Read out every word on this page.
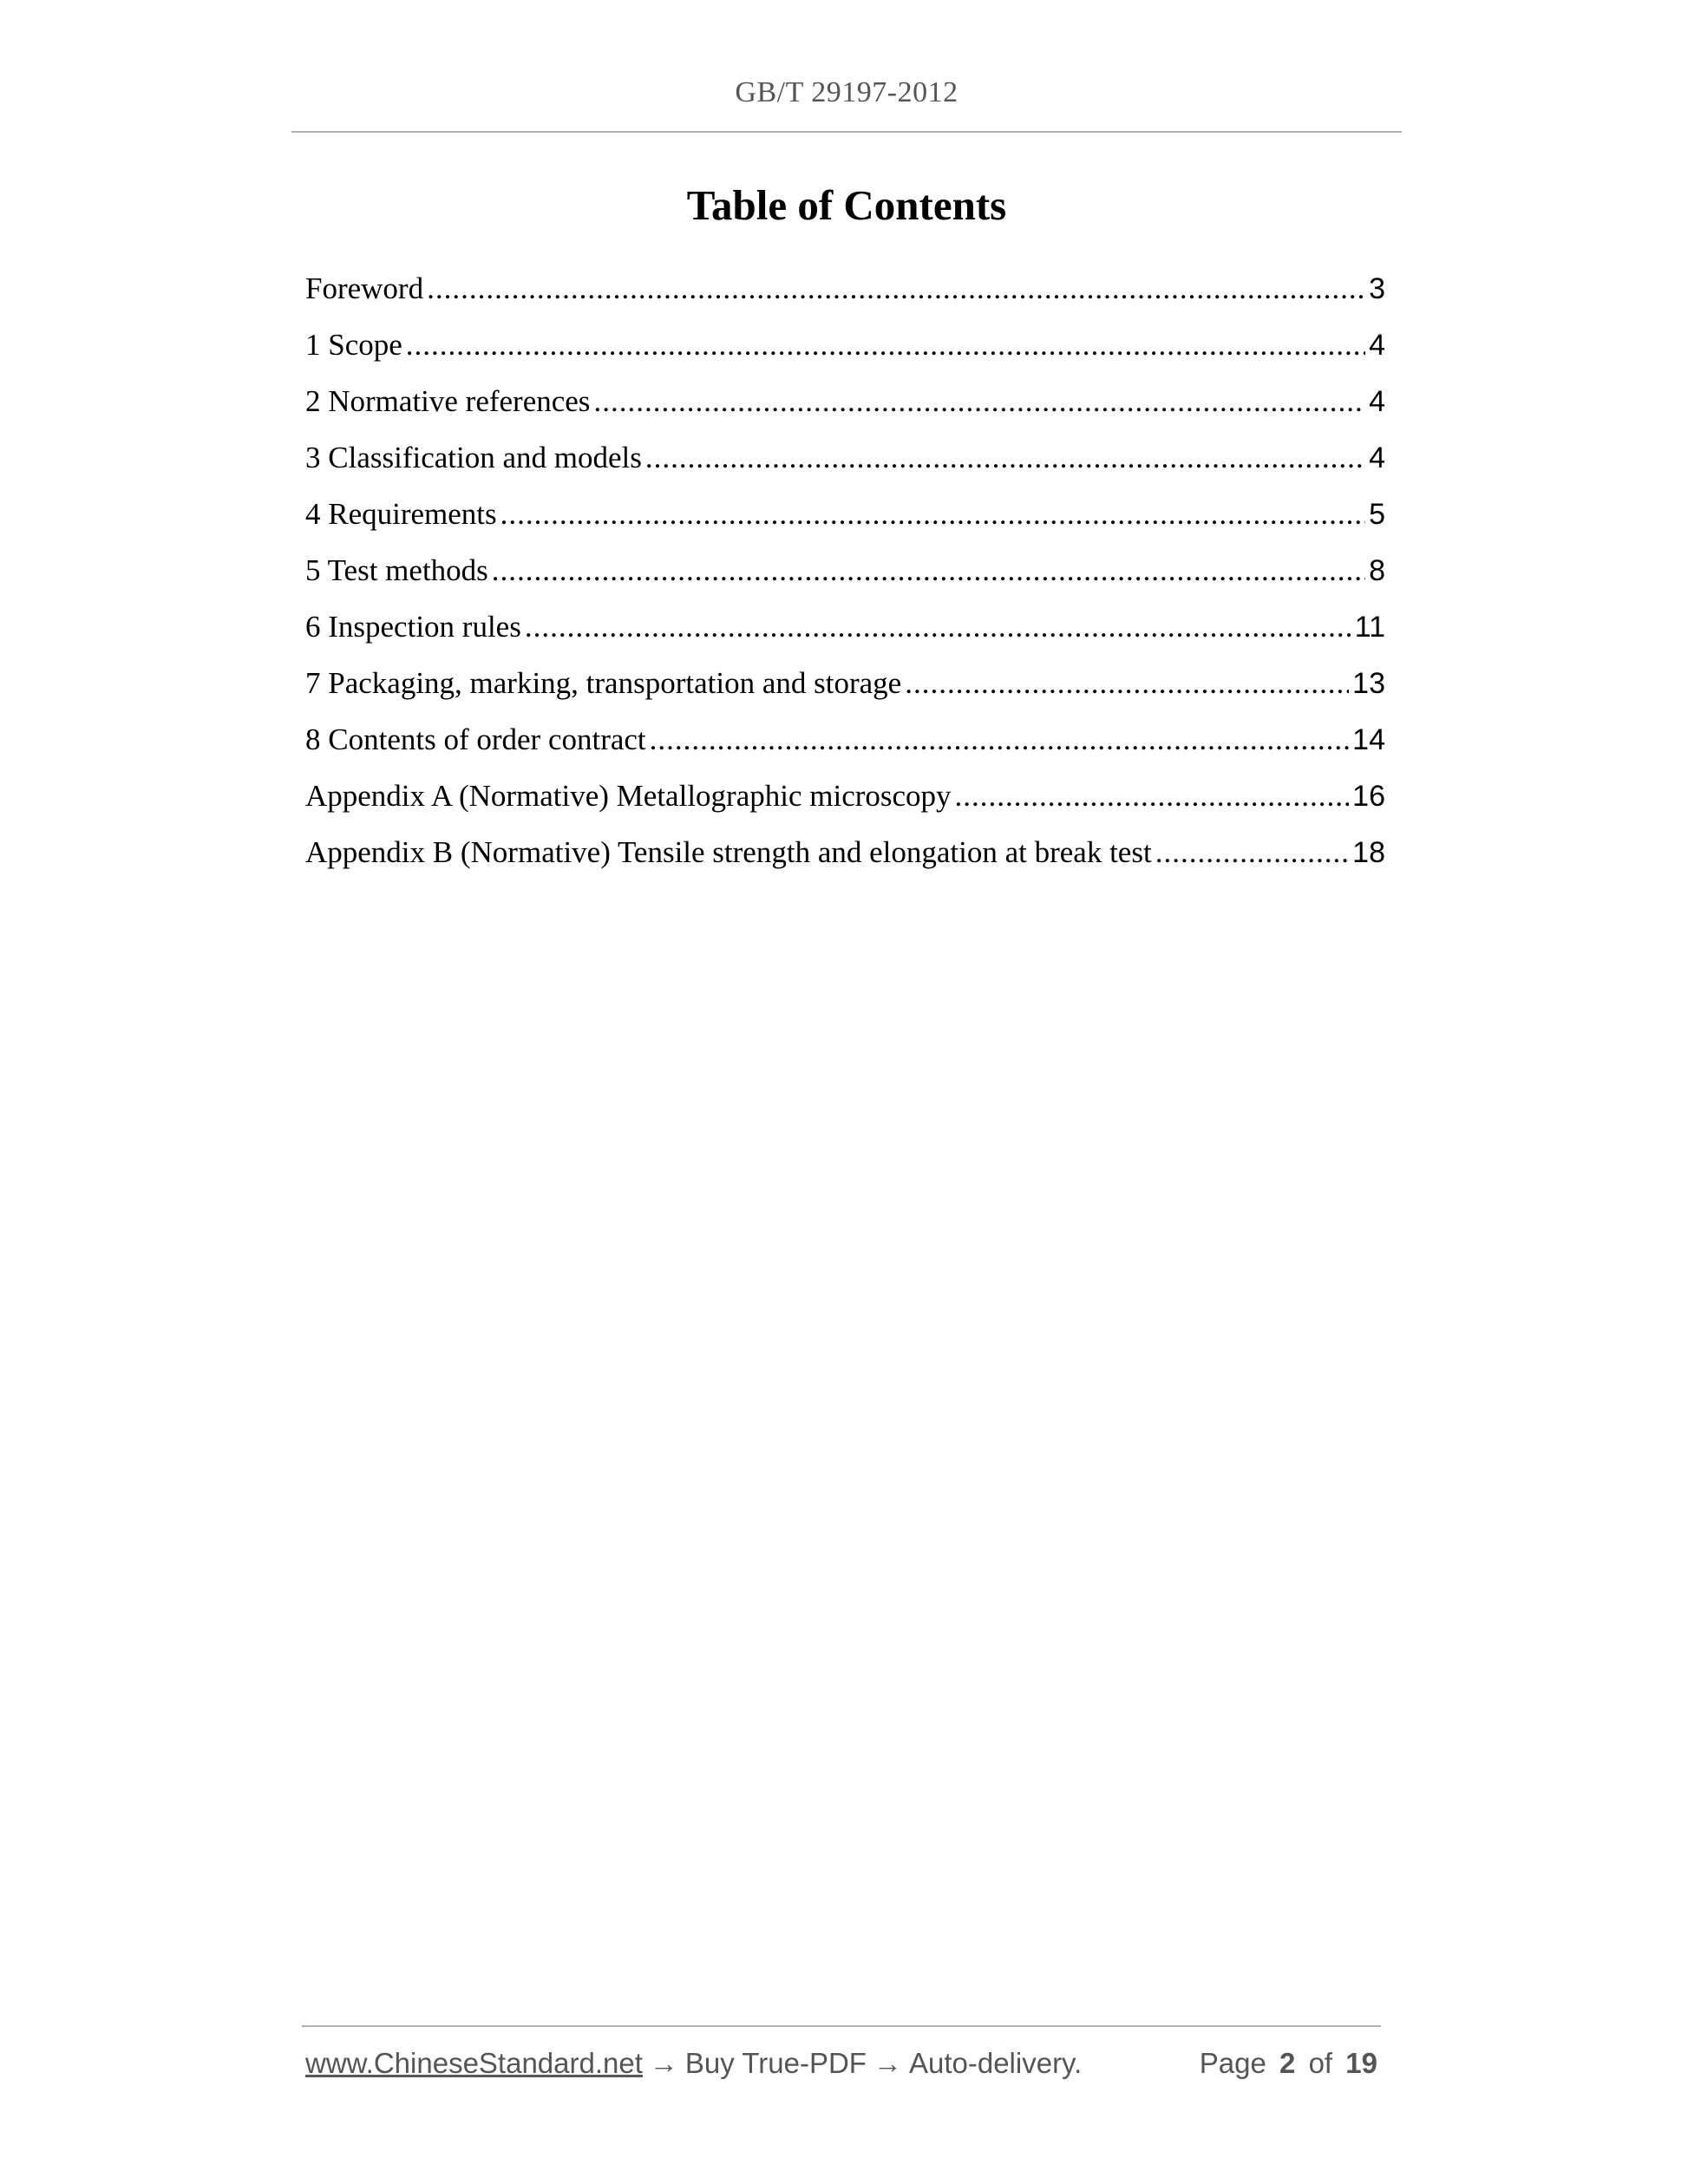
GB/T 29197-2012
Table of Contents
Foreword .....	3
1 Scope .....	4
2 Normative references .....	4
3 Classification and models .....	4
4 Requirements .....	5
5 Test methods .....	8
6 Inspection rules .....	11
7 Packaging, marking, transportation and storage .....	13
8 Contents of order contract .....	14
Appendix A (Normative) Metallographic microscopy .....	16
Appendix B (Normative) Tensile strength and elongation at break test .....	18
www.ChineseStandard.net → Buy True-PDF → Auto-delivery.	Page 2 of 19
